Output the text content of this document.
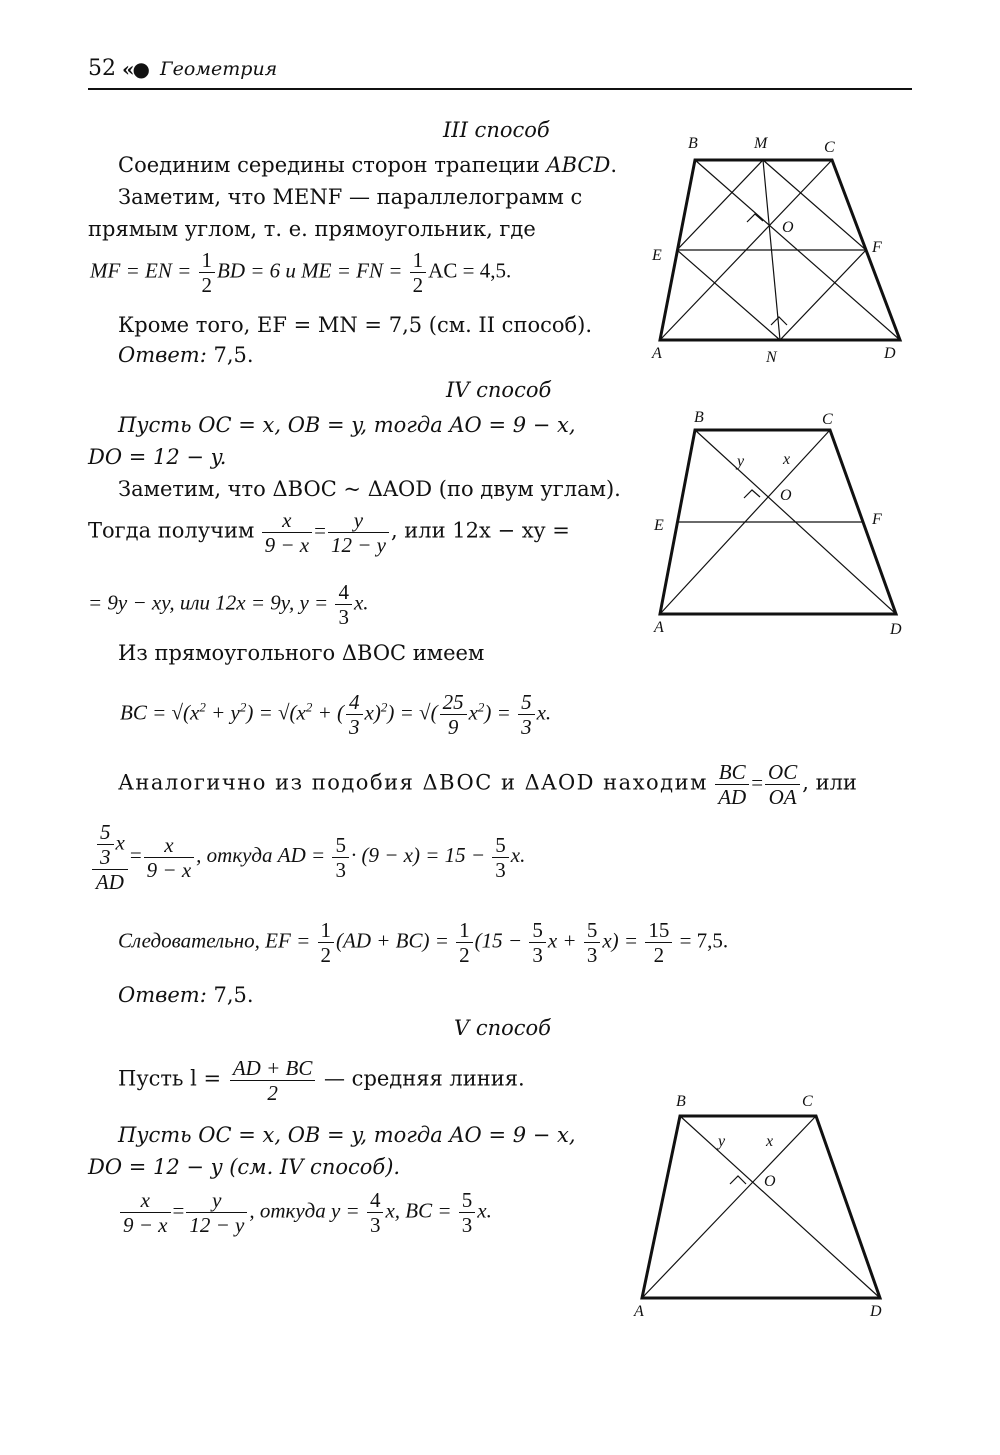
52 «● Геометрия
III способ
Соединим середины сторон трапеции ABCD.
Заметим, что MENF — параллелограмм с
прямым углом, т. е. прямоугольник, где
MF = EN = $\frac{1}{2}$ BD = 6 и ME = FN = $\frac{1}{2}$ AC = 4,5.
Кроме того, EF = MN = 7,5 (см. II способ).
Ответ: 7,5.
B	M	C
O
E	F
A	N	D
IV способ
Пусть OC = x, OB = y, тогда AO = 9 − x,
DO = 12 − y.
Заметим, что ΔBOC ~ ΔAOD (по двум углам).
Тогда получим $\frac{x}{9 - x} = \frac{y}{12 - y}$ , или 12x − xy =
= 9y − xy, или 12x = 9y, $y = \frac{4}{3} x$.
Из прямоугольного ΔBOC имеем
BC = $√(x^2 + y^2) = √(x^2$ + ( $\frac{4}{3} x)^2$) = √( $\frac{25}{9} x^2) = \frac{5}{3} x$.
Аналогично из подобия ΔBOC и ΔAOD находим $\frac{BC}{AD} = \frac{OC}{OA}$ , или
$\frac{\frac{5}{3} x}{AD} = \frac{x}{9 - x}$ , откуда AD = $\frac{5}{3} \cdot (9 - x) = 15 - \frac{5}{3} x$.
Следовательно, EF = $\frac{1}{2} (AD + BC) = \frac{1}{2} (15 - \frac{5}{3}$ $x + \frac{5}{3} x) = \frac{15}{2} = 7,5$.
Ответ: 7,5.
B	C
y x
O
E	F
A	D
V способ
Пусть $l = \frac{AD + BC}{2}$ — средняя линия.
Пусть OC = x, OB = y, тогда AO = 9 − x,
DO = 12 − y (см. IV способ).
$\frac{x}{9 - x} = \frac{y}{12 - y}$ , откуда $y = \frac{4}{3} x$, BC = $\frac{5}{3} x$.
B	C
y	x
O
A	D
